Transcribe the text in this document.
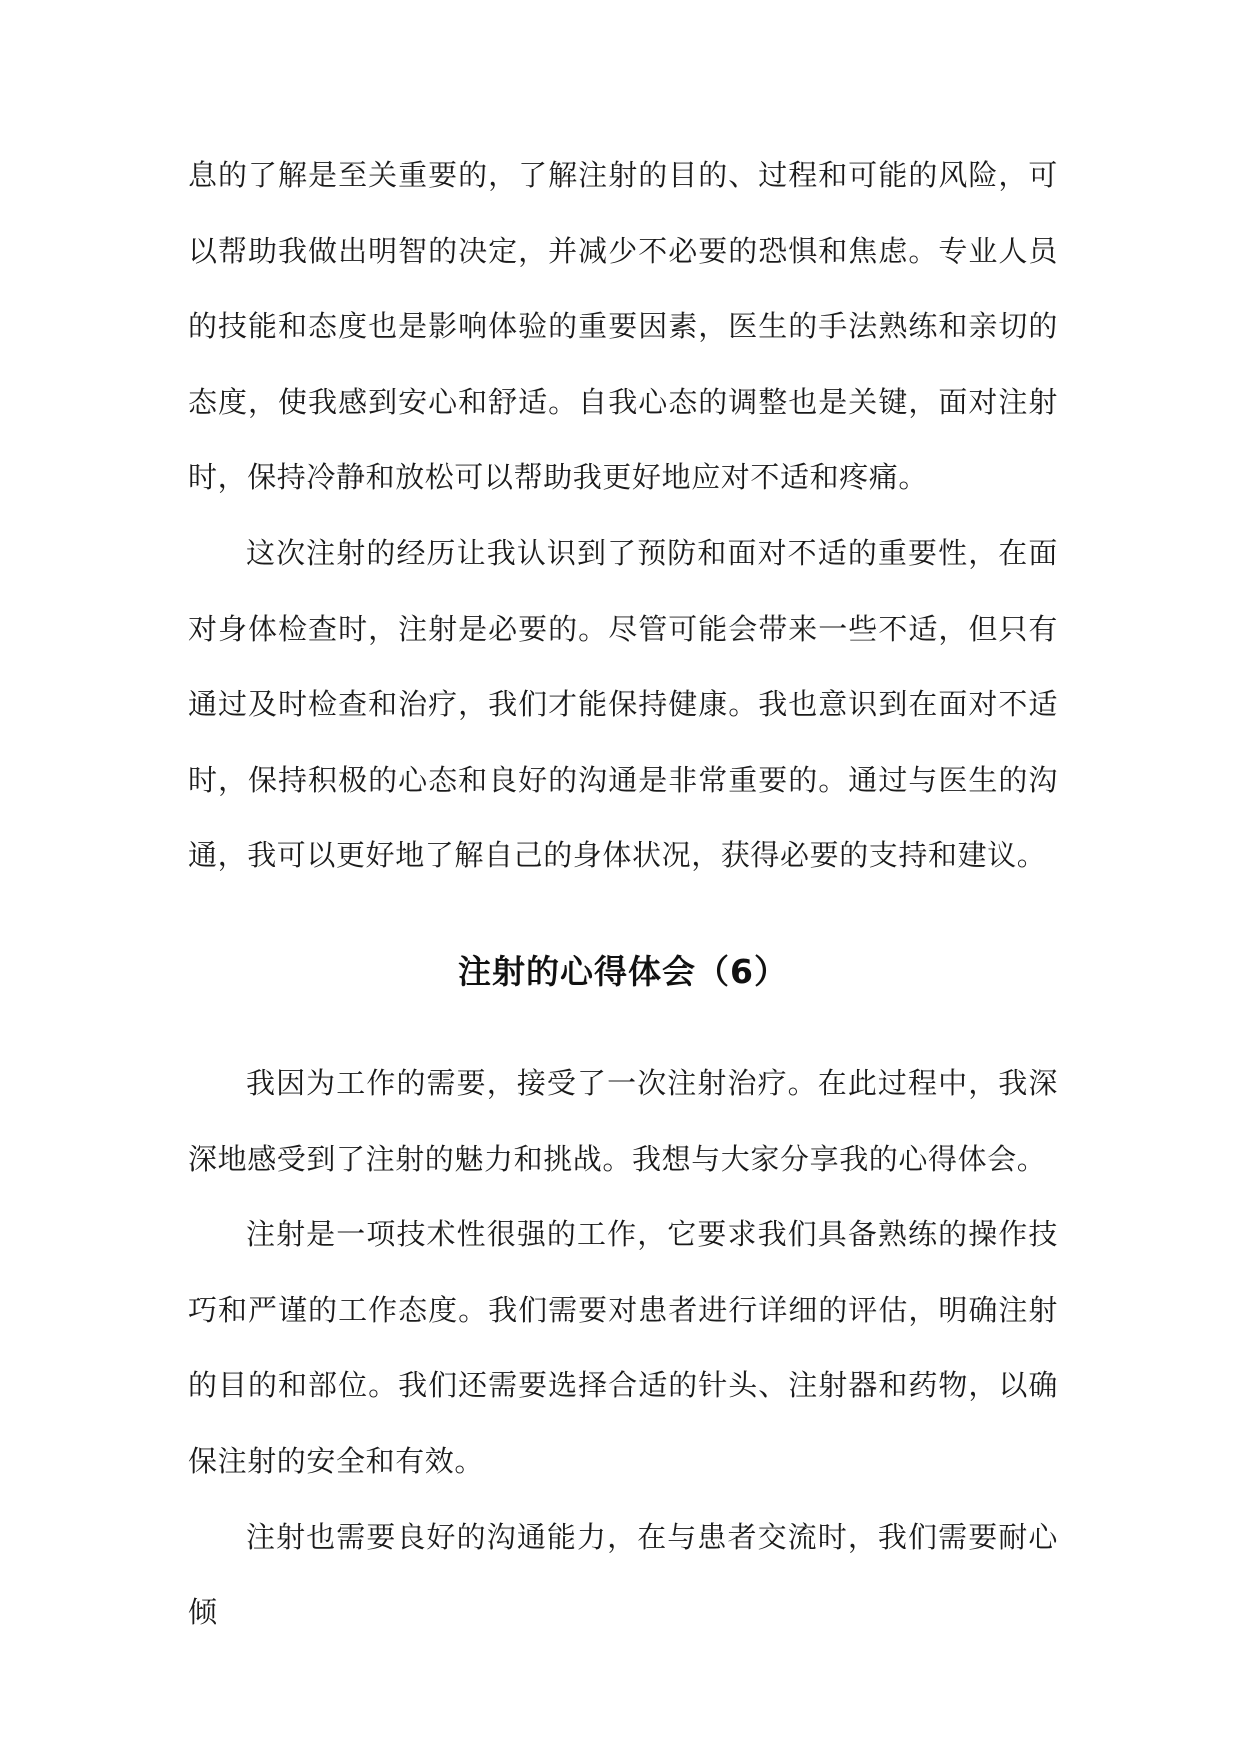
息的了解是至关重要的，了解注射的目的、过程和可能的风险，可以帮助我做出明智的决定，并减少不必要的恐惧和焦虑。专业人员的技能和态度也是影响体验的重要因素，医生的手法熟练和亲切的态度，使我感到安心和舒适。自我心态的调整也是关键，面对注射时，保持冷静和放松可以帮助我更好地应对不适和疼痛。

这次注射的经历让我认识到了预防和面对不适的重要性，在面对身体检查时，注射是必要的。尽管可能会带来一些不适，但只有通过及时检查和治疗，我们才能保持健康。我也意识到在面对不适时，保持积极的心态和良好的沟通是非常重要的。通过与医生的沟通，我可以更好地了解自己的身体状况，获得必要的支持和建议。

注射的心得体会（6）

我因为工作的需要，接受了一次注射治疗。在此过程中，我深深地感受到了注射的魅力和挑战。我想与大家分享我的心得体会。

注射是一项技术性很强的工作，它要求我们具备熟练的操作技巧和严谨的工作态度。我们需要对患者进行详细的评估，明确注射的目的和部位。我们还需要选择合适的针头、注射器和药物，以确保注射的安全和有效。

注射也需要良好的沟通能力，在与患者交流时，我们需要耐心倾
